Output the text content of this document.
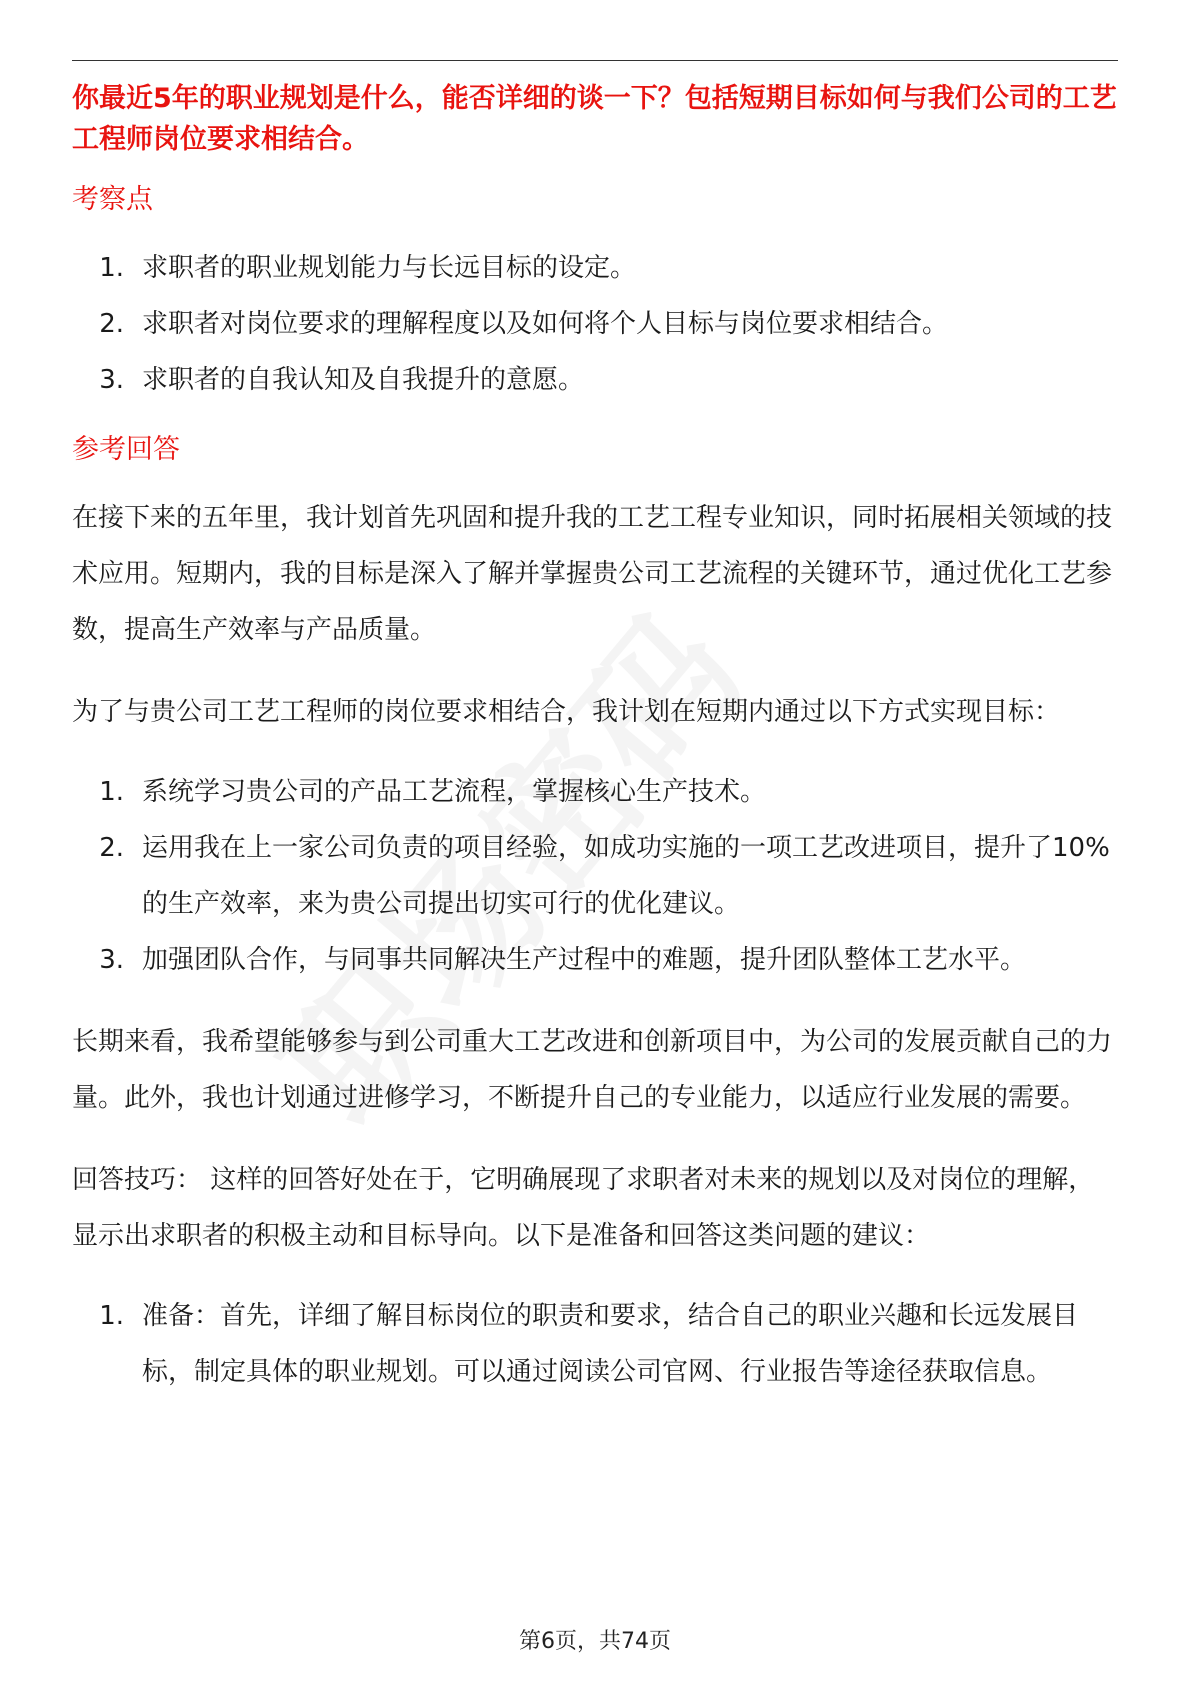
你最近5年的职业规划是什么，能否详细的谈一下？包括短期目标如何与我们公司的工艺工程师岗位要求相结合。

考察点
1. 求职者的职业规划能力与长远目标的设定。
2. 求职者对岗位要求的理解程度以及如何将个人目标与岗位要求相结合。
3. 求职者的自我认知及自我提升的意愿。
参考回答

在接下来的五年里，我计划首先巩固和提升我的工艺工程专业知识，同时拓展相关领域的技术应用。短期内，我的目标是深入了解并掌握贵公司工艺流程的关键环节，通过优化工艺参数，提高生产效率与产品质量。

为了与贵公司工艺工程师的岗位要求相结合，我计划在短期内通过以下方式实现目标：

1. 系统学习贵公司的产品工艺流程，掌握核心生产技术。
2. 运用我在上一家公司负责的项目经验，如成功实施的一项工艺改进项目，提升了10%的生产效率，来为贵公司提出切实可行的优化建议。
3. 加强团队合作，与同事共同解决生产过程中的难题，提升团队整体工艺水平。

长期来看，我希望能够参与到公司重大工艺改进和创新项目中，为公司的发展贡献自己的力量。此外，我也计划通过进修学习，不断提升自己的专业能力，以适应行业发展的需要。

回答技巧： 这样的回答好处在于，它明确展现了求职者对未来的规划以及对岗位的理解，显示出求职者的积极主动和目标导向。以下是准备和回答这类问题的建议：

1. 准备：首先，详细了解目标岗位的职责和要求，结合自己的职业兴趣和长远发展目标，制定具体的职业规划。可以通过阅读公司官网、行业报告等途径获取信息。
第6页，共74页
